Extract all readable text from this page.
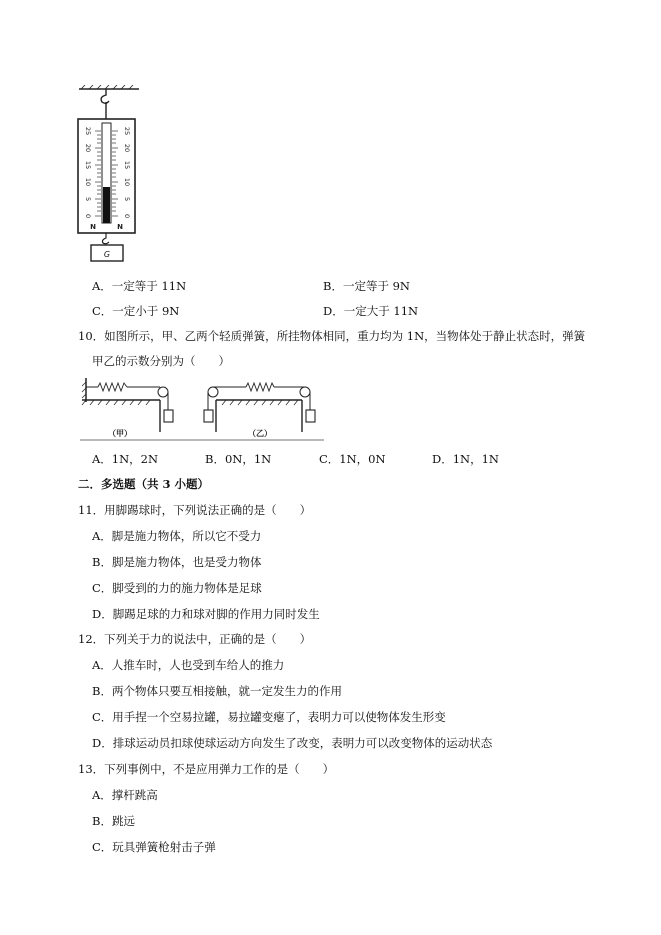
25
20
15
10
5
0
25
20
15
10
5
0
N	N
G
A．一定等于 11N	B．一定等于 9N
C．一定小于 9N	D．一定大于 11N
10．如图所示，甲、乙两个轻质弹簧，所挂物体相同，重力均为 1N，当物体处于静止状态时，弹簧
甲乙的示数分别为（　　）
（甲）	（乙）
A．1N，2N	B．0N，1N	C．1N，0N	D．1N，1N
二．多选题（共 3 小题）
11．用脚踢球时，下列说法正确的是（　　）
A．脚是施力物体，所以它不受力
B．脚是施力物体，也是受力物体
C．脚受到的力的施力物体是足球
D．脚踢足球的力和球对脚的作用力同时发生
12．下列关于力的说法中，正确的是（　　）
A．人推车时，人也受到车给人的推力
B．两个物体只要互相接触，就一定发生力的作用
C．用手捏一个空易拉罐，易拉罐变瘪了，表明力可以使物体发生形变
D．排球运动员扣球使球运动方向发生了改变，表明力可以改变物体的运动状态
13．下列事例中，不是应用弹力工作的是（　　）
A．撑杆跳高
B．跳远
C．玩具弹簧枪射击子弹
